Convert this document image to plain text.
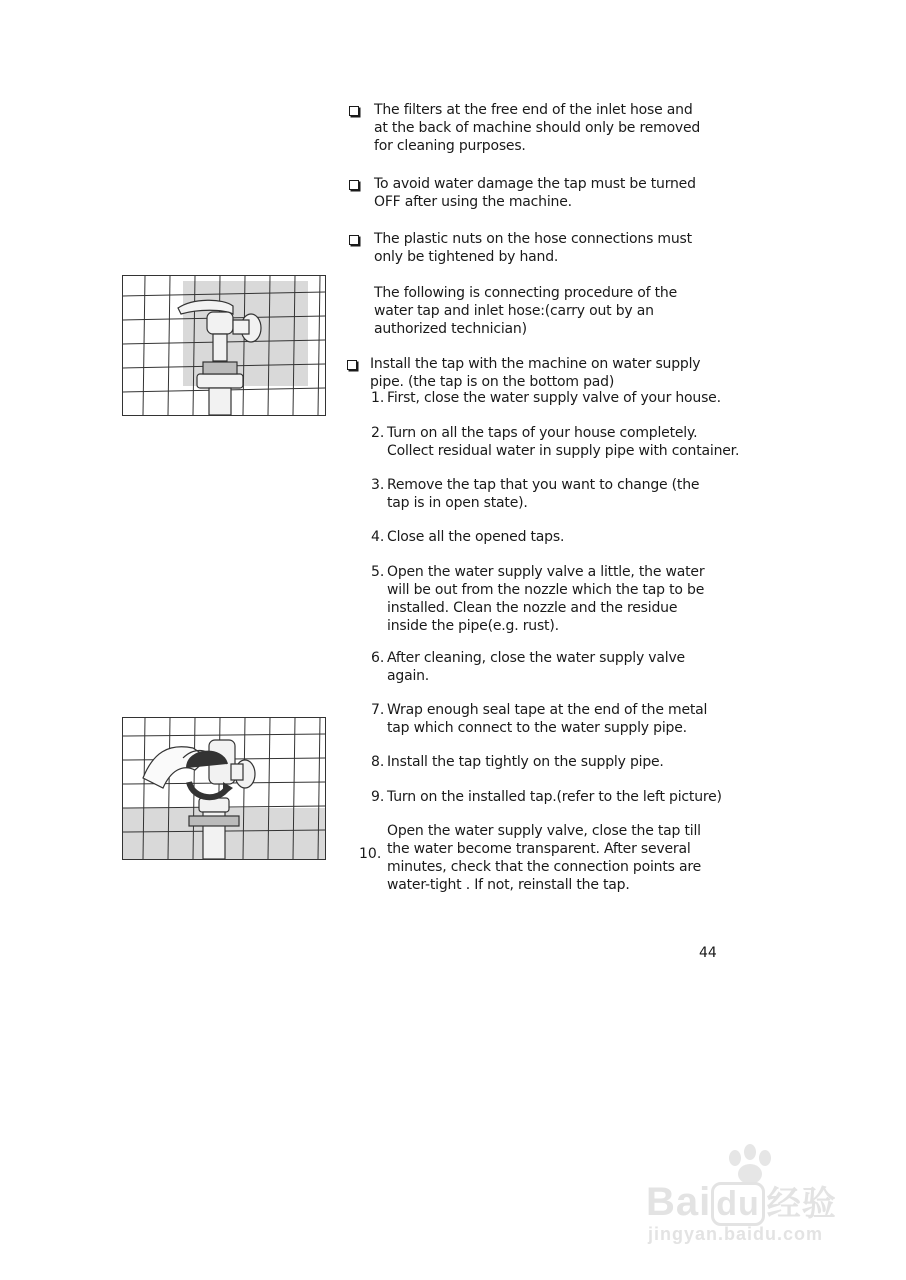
The filters at the free end of the inlet hose and
at the back of machine should only be removed
for cleaning purposes.
To avoid water damage the tap must be turned
OFF after using the machine.
The plastic nuts on the hose connections must
only be tightened by hand.
The following is connecting procedure of the
water tap and inlet hose:(carry out by an
authorized technician)
Install the tap with the machine on water supply
pipe. (the tap is on the bottom pad)
1. First, close the water supply valve of your house.
2. Turn on all the taps of your house completely.
Collect residual water in supply pipe with container.
3. Remove the tap that you want to change (the
tap is in open state).
4. Close all the opened taps.
5. Open the water supply valve a little, the water
will be out from the nozzle which the tap to be
installed. Clean the nozzle and the residue
inside the pipe(e.g. rust).
6. After cleaning, close the water supply valve
again.
7. Wrap enough seal tape at the end of the metal
tap which connect to the water supply pipe.
8. Install the tap tightly on the supply pipe.
9. Turn on the installed tap.(refer to the left picture)
10.
Open the water supply valve, close the tap till
the water become transparent. After several
minutes, check that the connection points are
water-tight . If not, reinstall the tap.
44
Bai du 经验
jingyan.baidu.com
